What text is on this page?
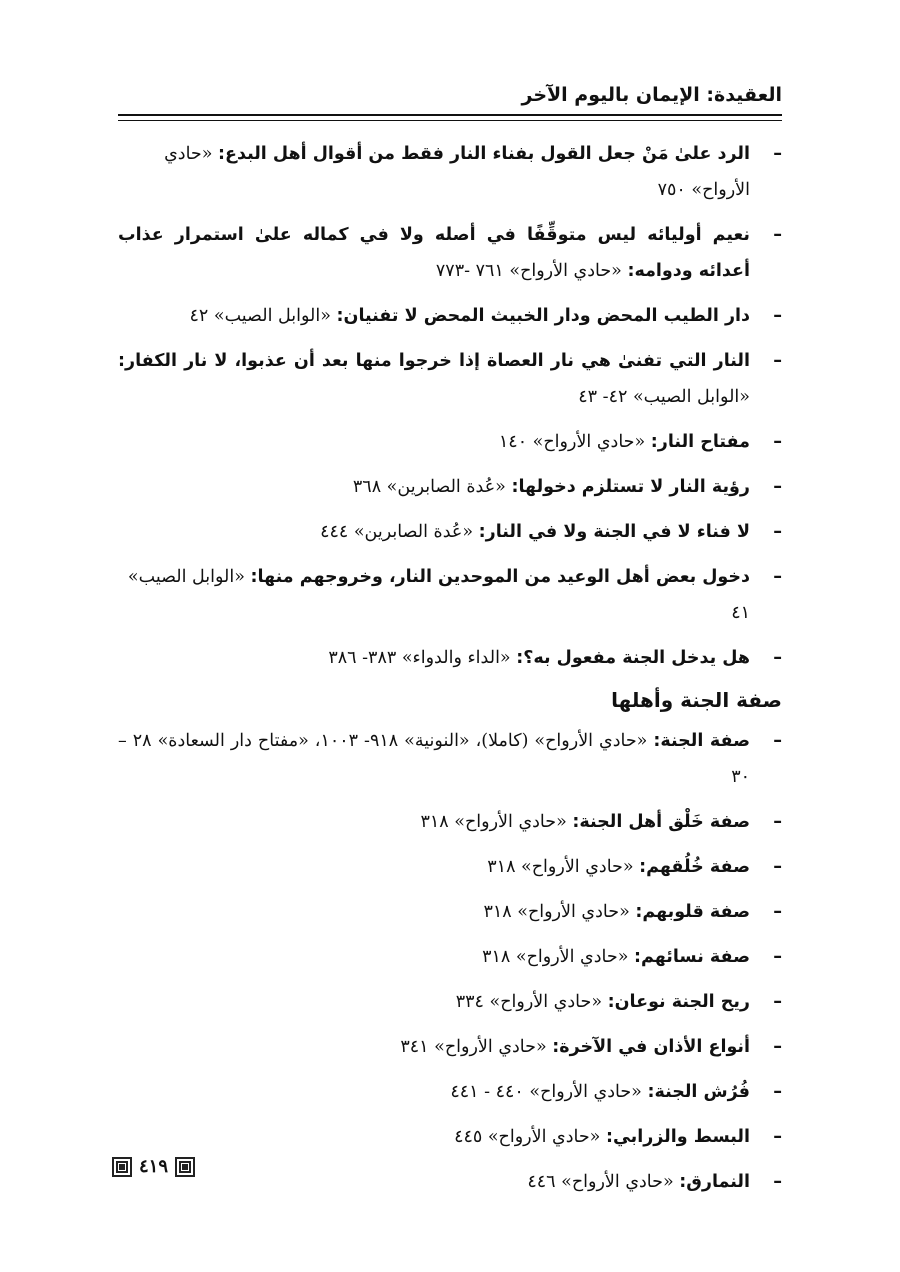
العقيدة: الإيمان باليوم الآخر
–
الرد علىٰ مَنْ جعل القول بفناء النار فقط من أقوال أهل البدع: «حادي الأرواح» ٧٥٠
–
نعيم أوليائه ليس متوقِّفًا في أصله ولا في كماله علىٰ استمرار عذاب أعدائه ودوامه: «حادي الأرواح» ٧٦١ -٧٧٣
–
دار الطيب المحض ودار الخبيث المحض لا تفنيان: «الوابل الصيب» ٤٢
–
النار التي تفنىٰ هي نار العصاة إذا خرجوا منها بعد أن عذبوا، لا نار الكفار: «الوابل الصيب» ٤٢- ٤٣
–
مفتاح النار: «حادي الأرواح» ١٤٠
–
رؤية النار لا تستلزم دخولها: «عُدة الصابرين» ٣٦٨
–
لا فناء لا في الجنة ولا في النار: «عُدة الصابرين» ٤٤٤
–
دخول بعض أهل الوعيد من الموحدين النار، وخروجهم منها: «الوابل الصيب» ٤١
–
هل يدخل الجنة مفعول به؟: «الداء والدواء» ٣٨٣- ٣٨٦
صفة الجنة وأهلها
–
صفة الجنة: «حادي الأرواح» (كاملا)، «النونية» ٩١٨- ١٠٠٣، «مفتاح دار السعادة» ٢٨ – ٣٠
–
صفة خَلْق أهل الجنة: «حادي الأرواح» ٣١٨
–
صفة خُلُقهم: «حادي الأرواح» ٣١٨
–
صفة قلوبهم: «حادي الأرواح» ٣١٨
–
صفة نسائهم: «حادي الأرواح» ٣١٨
–
ريح الجنة نوعان: «حادي الأرواح» ٣٣٤
–
أنواع الأذان في الآخرة: «حادي الأرواح» ٣٤١
–
فُرُش الجنة: «حادي الأرواح» ٤٤٠ - ٤٤١
–
البسط والزرابي: «حادي الأرواح» ٤٤٥
–
النمارق: «حادي الأرواح» ٤٤٦
٤١٩
